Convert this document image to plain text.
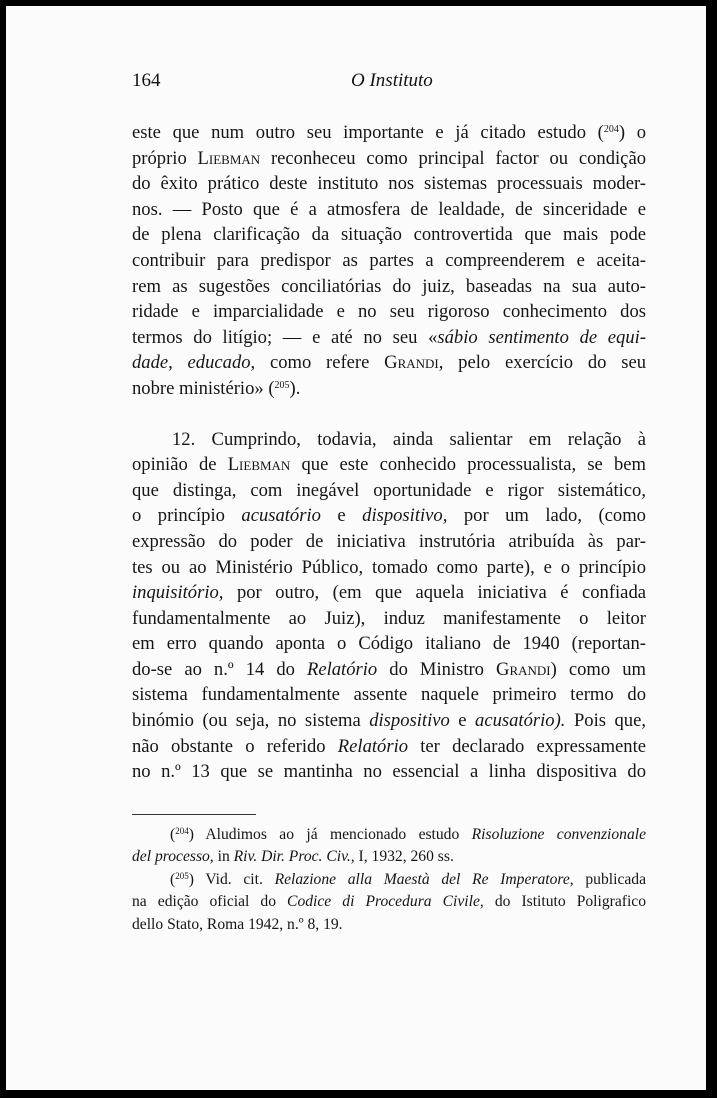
164	O Instituto
este que num outro seu importante e já citado estudo ($^{204}$) o
próprio Liebman reconheceu como principal factor ou condição
do êxito prático deste instituto nos sistemas processuais moder-
nos. — Posto que é a atmosfera de lealdade, de sinceridade e
de plena clarificação da situação controvertida que mais pode
contribuir para predispor as partes a compreenderem e aceita-
rem as sugestões conciliatórias do juiz, baseadas na sua auto-
ridade e imparcialidade e no seu rigoroso conhecimento dos
termos do litígio; — e até no seu «sábio sentimento de equi-
dade, educado, como refere Grandi, pelo exercício do seu
nobre ministério» ($^{205}$).
12. Cumprindo, todavia, ainda salientar em relação à
opinião de Liebman que este conhecido processualista, se bem
que distinga, com inegável oportunidade e rigor sistemático,
o princípio acusatório e dispositivo, por um lado, (como
expressão do poder de iniciativa instrutória atribuída às par-
tes ou ao Ministério Público, tomado como parte), e o princípio
inquisitório, por outro, (em que aquela iniciativa é confiada
fundamentalmente ao Juiz), induz manifestamente o leitor
em erro quando aponta o Código italiano de 1940 (reportan-
do-se ao n.º 14 do Relatório do Ministro Grandi) como um
sistema fundamentalmente assente naquele primeiro termo do
binómio (ou seja, no sistema dispositivo e acusatório). Pois que,
não obstante o referido Relatório ter declarado expressamente
no n.º 13 que se mantinha no essencial a linha dispositiva do
($^{204}$) Aludimos ao já mencionado estudo Risoluzione convenzionale
del processo, in Riv. Dir. Proc. Civ., I, 1932, 260 ss.
($^{205}$) Vid. cit. Relazione alla Maestà del Re Imperatore, publicada
na edição oficial do Codice di Procedura Civile, do Istituto Poligrafico
dello Stato, Roma 1942, n.º 8, 19.
